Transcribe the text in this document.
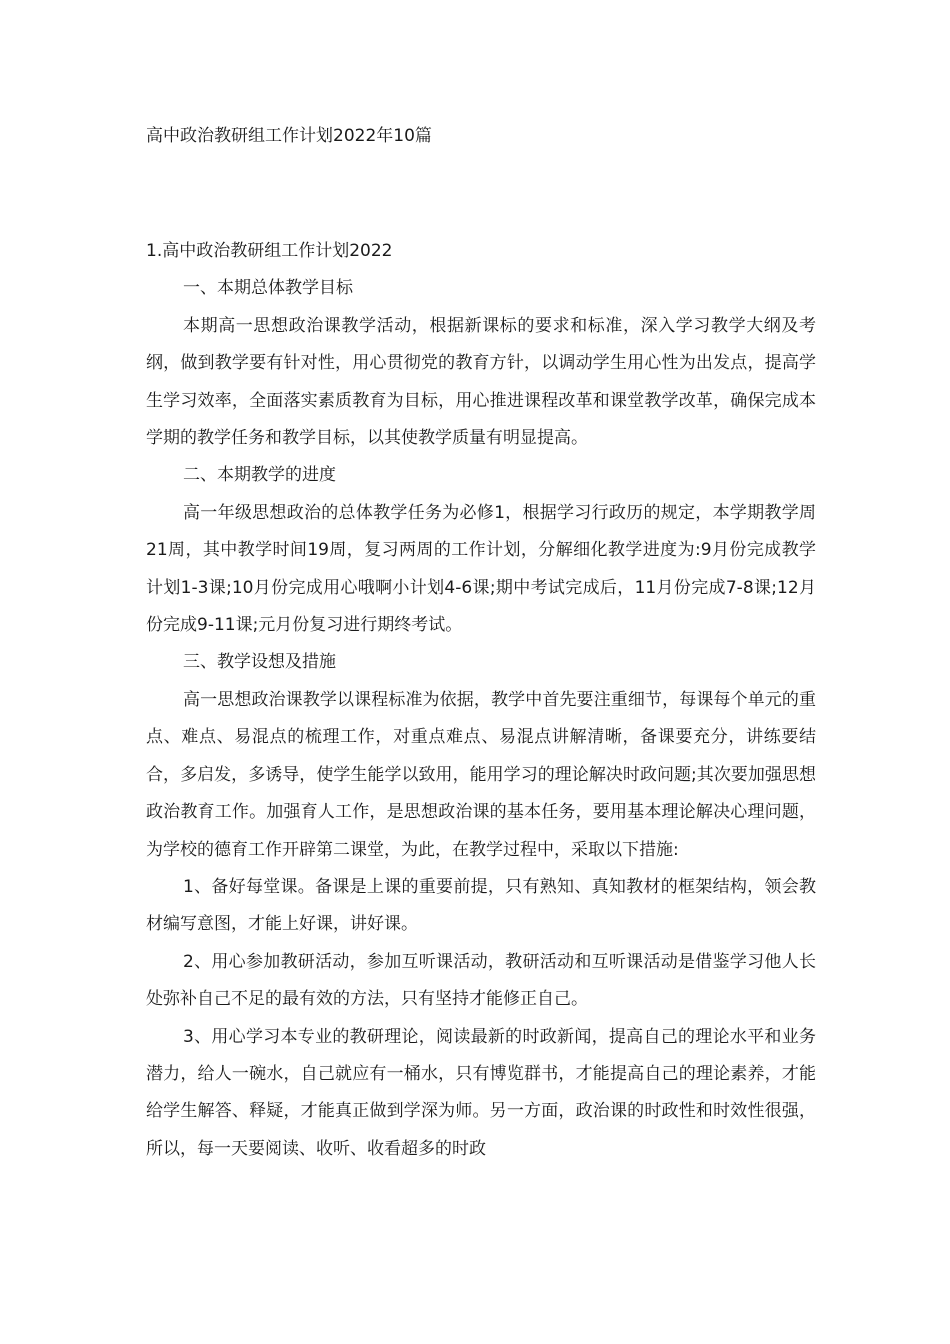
高中政治教研组工作计划2022年10篇

1.高中政治教研组工作计划2022

一、本期总体教学目标

本期高一思想政治课教学活动，根据新课标的要求和标准，深入学习教学大纲及考纲，做到教学要有针对性，用心贯彻党的教育方针，以调动学生用心性为出发点，提高学生学习效率，全面落实素质教育为目标，用心推进课程改革和课堂教学改革，确保完成本学期的教学任务和教学目标，以其使教学质量有明显提高。

二、本期教学的进度

高一年级思想政治的总体教学任务为必修1，根据学习行政历的规定，本学期教学周21周，其中教学时间19周，复习两周的工作计划，分解细化教学进度为:9月份完成教学计划1-3课;10月份完成用心哦啊小计划4-6课;期中考试完成后，11月份完成7-8课;12月份完成9-11课;元月份复习进行期终考试。

三、教学设想及措施

高一思想政治课教学以课程标准为依据，教学中首先要注重细节，每课每个单元的重点、难点、易混点的梳理工作，对重点难点、易混点讲解清晰，备课要充分，讲练要结合，多启发，多诱导，使学生能学以致用，能用学习的理论解决时政问题;其次要加强思想政治教育工作。加强育人工作，是思想政治课的基本任务，要用基本理论解决心理问题，为学校的德育工作开辟第二课堂，为此，在教学过程中，采取以下措施:

1、备好每堂课。备课是上课的重要前提，只有熟知、真知教材的框架结构，领会教材编写意图，才能上好课，讲好课。

2、用心参加教研活动，参加互听课活动，教研活动和互听课活动是借鉴学习他人长处弥补自己不足的最有效的方法，只有坚持才能修正自己。

3、用心学习本专业的教研理论，阅读最新的时政新闻，提高自己的理论水平和业务潜力，给人一碗水，自己就应有一桶水，只有博览群书，才能提高自己的理论素养，才能给学生解答、释疑，才能真正做到学深为师。另一方面，政治课的时政性和时效性很强，所以，每一天要阅读、收听、收看超多的时政
